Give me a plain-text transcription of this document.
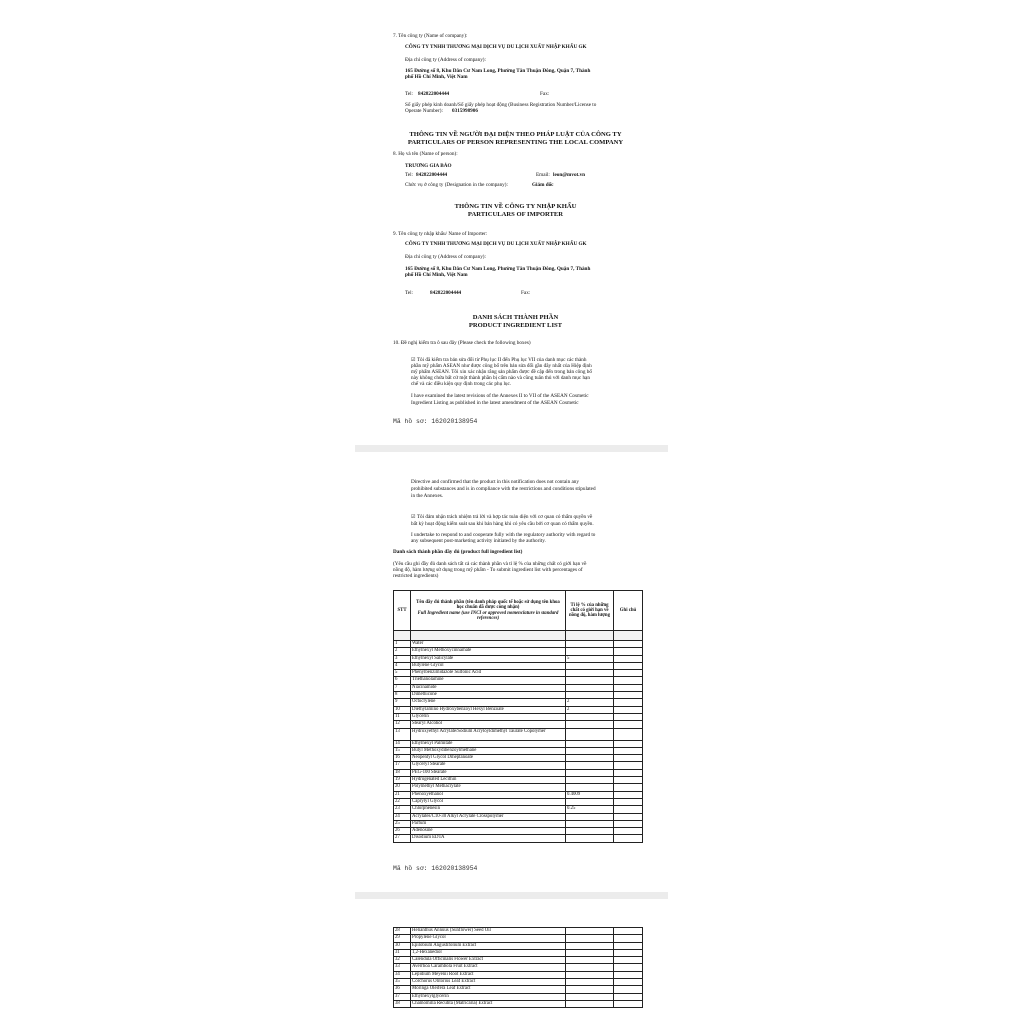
7. Tên công ty (Name of company):
CÔNG TY TNHH THƯƠNG MẠI DỊCH VỤ DU LỊCH XUẤT NHẬP KHẨU GK
Địa chỉ công ty (Address of company):
165 Đường số 8, Khu Dân Cư Nam Long, Phường Tân Thuận Đông, Quận 7, Thành
phố Hồ Chí Minh, Việt Nam
Tel: 842822004444	Fax:
Số giấy phép kinh doanh/Số giấy phép hoạt động (Business Registration Number/License to
Operate Number): 0315998906
THÔNG TIN VỀ NGƯỜI ĐẠI DIỆN THEO PHÁP LUẬT CỦA CÔNG TY
PARTICULARS OF PERSON REPRESENTING THE LOCAL COMPANY
8. Họ và tên (Name of person):
TRƯƠNG GIA BẢO
Tel: 842822004444	Email: leon@mvot.vn
Chức vụ ở công ty (Designation in the company):	Giám đốc
THÔNG TIN VỀ CÔNG TY NHẬP KHẨU
PARTICULARS OF IMPORTER
9. Tên công ty nhập khẩu/ Name of Importer:
CÔNG TY TNHH THƯƠNG MẠI DỊCH VỤ DU LỊCH XUẤT NHẬP KHẨU GK
Địa chỉ công ty (Address of company):
165 Đường số 8, Khu Dân Cư Nam Long, Phường Tân Thuận Đông, Quận 7, Thành
phố Hồ Chí Minh, Việt Nam
Tel:	842822004444	Fax:
DANH SÁCH THÀNH PHẦN
PRODUCT INGREDIENT LIST
10. Đề nghị kiểm tra ô sau đây (Please check the following boxes)
☑ Tôi đã kiểm tra bản sửa đổi từ Phụ lục II đến Phụ lục VII của danh mục các thành
phần mỹ phẩm ASEAN như được công bố trên bản sửa đổi gần đây nhất của Hiệp định
mỹ phẩm ASEAN. Tôi xin xác nhận rằng sản phẩm được đề cập đến trong bản công bố
này không chứa bất cứ một thành phần bị cấm nào và cũng tuân thủ với danh mục hạn
chế và các điều kiện quy định trong các phụ lục.
I have examined the latest revisions of the Annexes II to VII of the ASEAN Cosmetic
Ingredient Listing as published in the latest amendment of the ASEAN Cosmetic
Mã hồ sơ: 162020138954
Directive and confirmed that the product in this notification does not contain any
prohibited substances and is in compliance with the restrictions and conditions stipulated
in the Annexes.
☑ Tôi đảm nhận trách nhiệm trả lời và hợp tác toàn diện với cơ quan có thẩm quyền về
bất kỳ hoạt động kiểm soát sau khi bán hàng khi có yêu cầu bởi cơ quan có thẩm quyền.
I undertake to respond to and cooperate fully with the regulatory authority with regard to
any subsequent post-marketing activity initiated by the authority.
Danh sách thành phần đầy đủ (product full ingredient list)
(Yêu cầu ghi đầy đủ danh sách tất cả các thành phần và tỉ lệ % của những chất có giới hạn về
nồng độ, hàm lượng sử dụng trong mỹ phẩm - To submit ingredient list with percentages of
restricted ingredients)
STT	Tên đầy đủ thành phần (tên danh pháp quốc tế hoặc sử dụng tên khoa học chuẩn đã được công nhận)
Full Ingredient name (use INCI or approved nomenclature in standard references)	Tỉ lệ % của những chất có giới hạn về nồng độ, hàm lượng	Ghi chú

1	Water		
2	Ethylhexyl Methoxycinnamate		
3	Ethylhexyl Salicylate	5	
4	Butylene Glycol		
5	Phenylbenzimidazole Sulfonic Acid		
6	Triethanolamine		
7	Niacinamide		
8	Dimethicone		
9	Octocrylene	2	
10	Diethylamino Hydroxybenzoyl Hexyl Benzoate	2	
11	Glycerin		
12	Stearyl Alcohol		
13	Hydroxyethyl Acrylate/Sodium Acryloyldimethyl Taurate Copolymer		
14	Ethylhexyl Palmitate		
15	Butyl Methoxydibenzoylmethane		
16	Neopentyl Glycol Diheptanoate		
17	Glyceryl Stearate		
18	PEG-100 Stearate		
19	Hydrogenated Lecithin		
20	Polymethyl Methacrylate		
21	Phenoxyethanol	0.4009	
22	Caprylyl Glycol		
23	Chlorphenesin	0.25	
24	Acrylates/C10-30 Alkyl Acrylate Crosspolymer		
25	Parfum		
26	Adenosine		
27	Disodium EDTA		
Mã hồ sơ: 162020138954
28	Helianthus Annuus (Sunflower) Seed Oil		
29	Propylene Glycol		
30	Epilobium Angustifolium Extract		
31	1,2-Hexanediol		
32	Calendula Officinalis Flower Extract		
33	Averrhoa Carambola Fruit Extract		
34	Lepidium Meyenii Root Extract		
35	Corchorus Olitorius Leaf Extract		
36	Moringa Oleifera Leaf Extract		
37	Ethylhexylglycerin		
38	Chamomilla Recutita (Matricaria) Extract		
